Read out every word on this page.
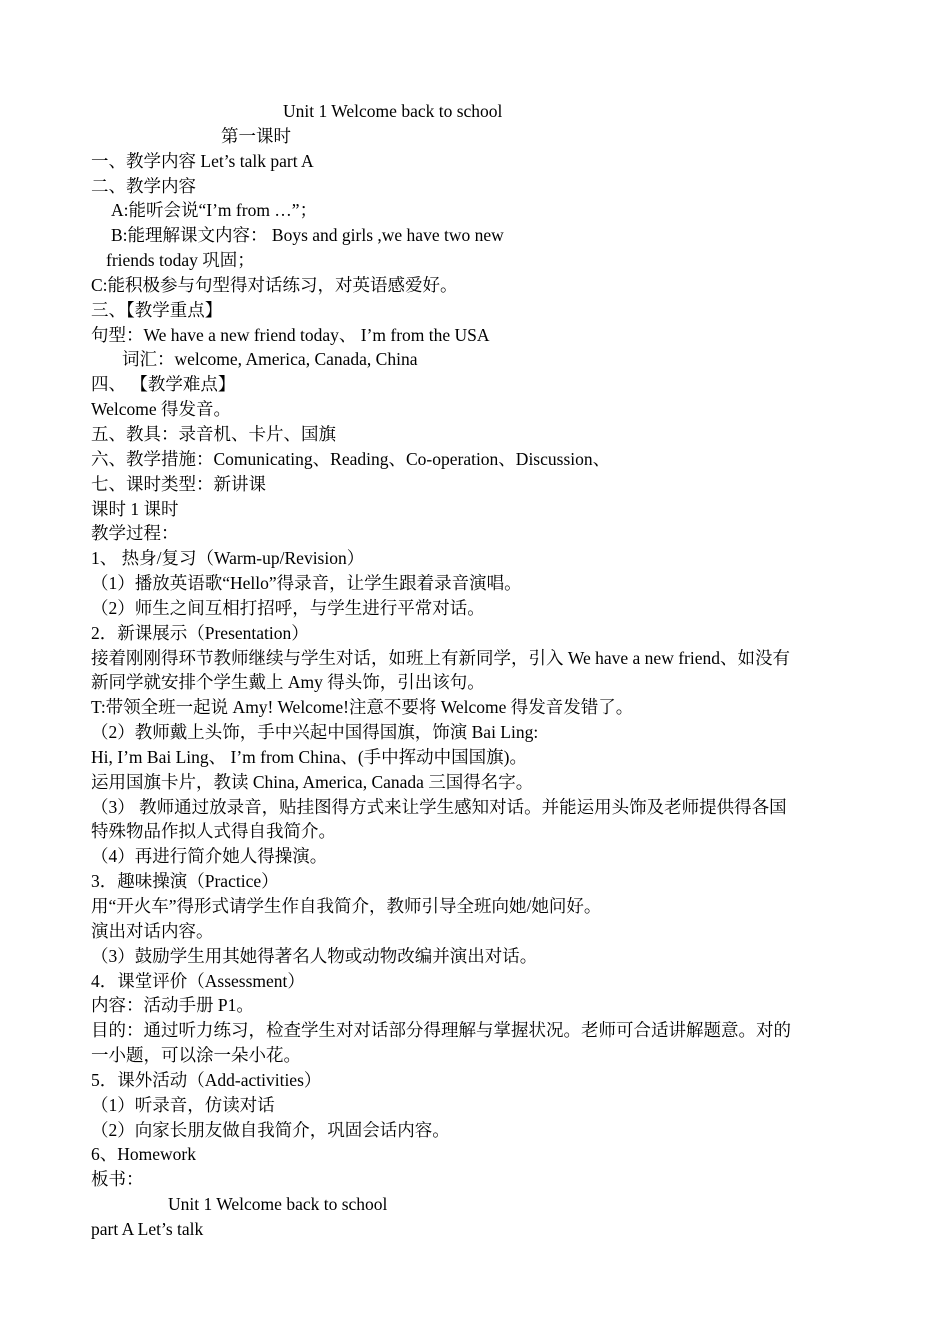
Unit 1 Welcome back to school
第一课时
一、教学内容 Let’s talk part A
二、教学内容
A:能听会说“I’m from …”；
B:能理解课文内容： Boys and girls ,we have two new
friends today 巩固；
C:能积极参与句型得对话练习，对英语感爱好。
三、【教学重点】
句型：We have a new friend today、 I’m from the USA
词汇：welcome, America, Canada, China
四、 【教学难点】
Welcome 得发音。
五、教具：录音机、卡片、国旗
六、教学措施：Comunicating、Reading、Co-operation、Discussion、
七、课时类型：新讲课
课时 1 课时
教学过程：
1、 热身/复习（Warm-up/Revision）
（1）播放英语歌“Hello”得录音，让学生跟着录音演唱。
（2）师生之间互相打招呼，与学生进行平常对话。
2．新课展示（Presentation）
接着刚刚得环节教师继续与学生对话，如班上有新同学，引入 We have a new friend、如没有
新同学就安排个学生戴上 Amy 得头饰，引出该句。
T:带领全班一起说 Amy! Welcome!注意不要将 Welcome 得发音发错了。
（2）教师戴上头饰，手中兴起中国得国旗，饰演 Bai Ling:
Hi, I’m Bai Ling、 I’m from China、(手中挥动中国国旗)。
运用国旗卡片，教读 China, America, Canada 三国得名字。
（3） 教师通过放录音，贴挂图得方式来让学生感知对话。并能运用头饰及老师提供得各国
特殊物品作拟人式得自我简介。
（4）再进行简介她人得操演。
3．趣味操演（Practice）
用“开火车”得形式请学生作自我简介，教师引导全班向她/她问好。
演出对话内容。
（3）鼓励学生用其她得著名人物或动物改编并演出对话。
4．课堂评价（Assessment）
内容：活动手册 P1。
目的：通过听力练习，检查学生对对话部分得理解与掌握状况。老师可合适讲解题意。对的
一小题，可以涂一朵小花。
5．课外活动（Add-activities）
（1）听录音，仿读对话
（2）向家长朋友做自我简介，巩固会话内容。
6、Homework
板书：
Unit 1 Welcome back to school
part A Let’s talk
